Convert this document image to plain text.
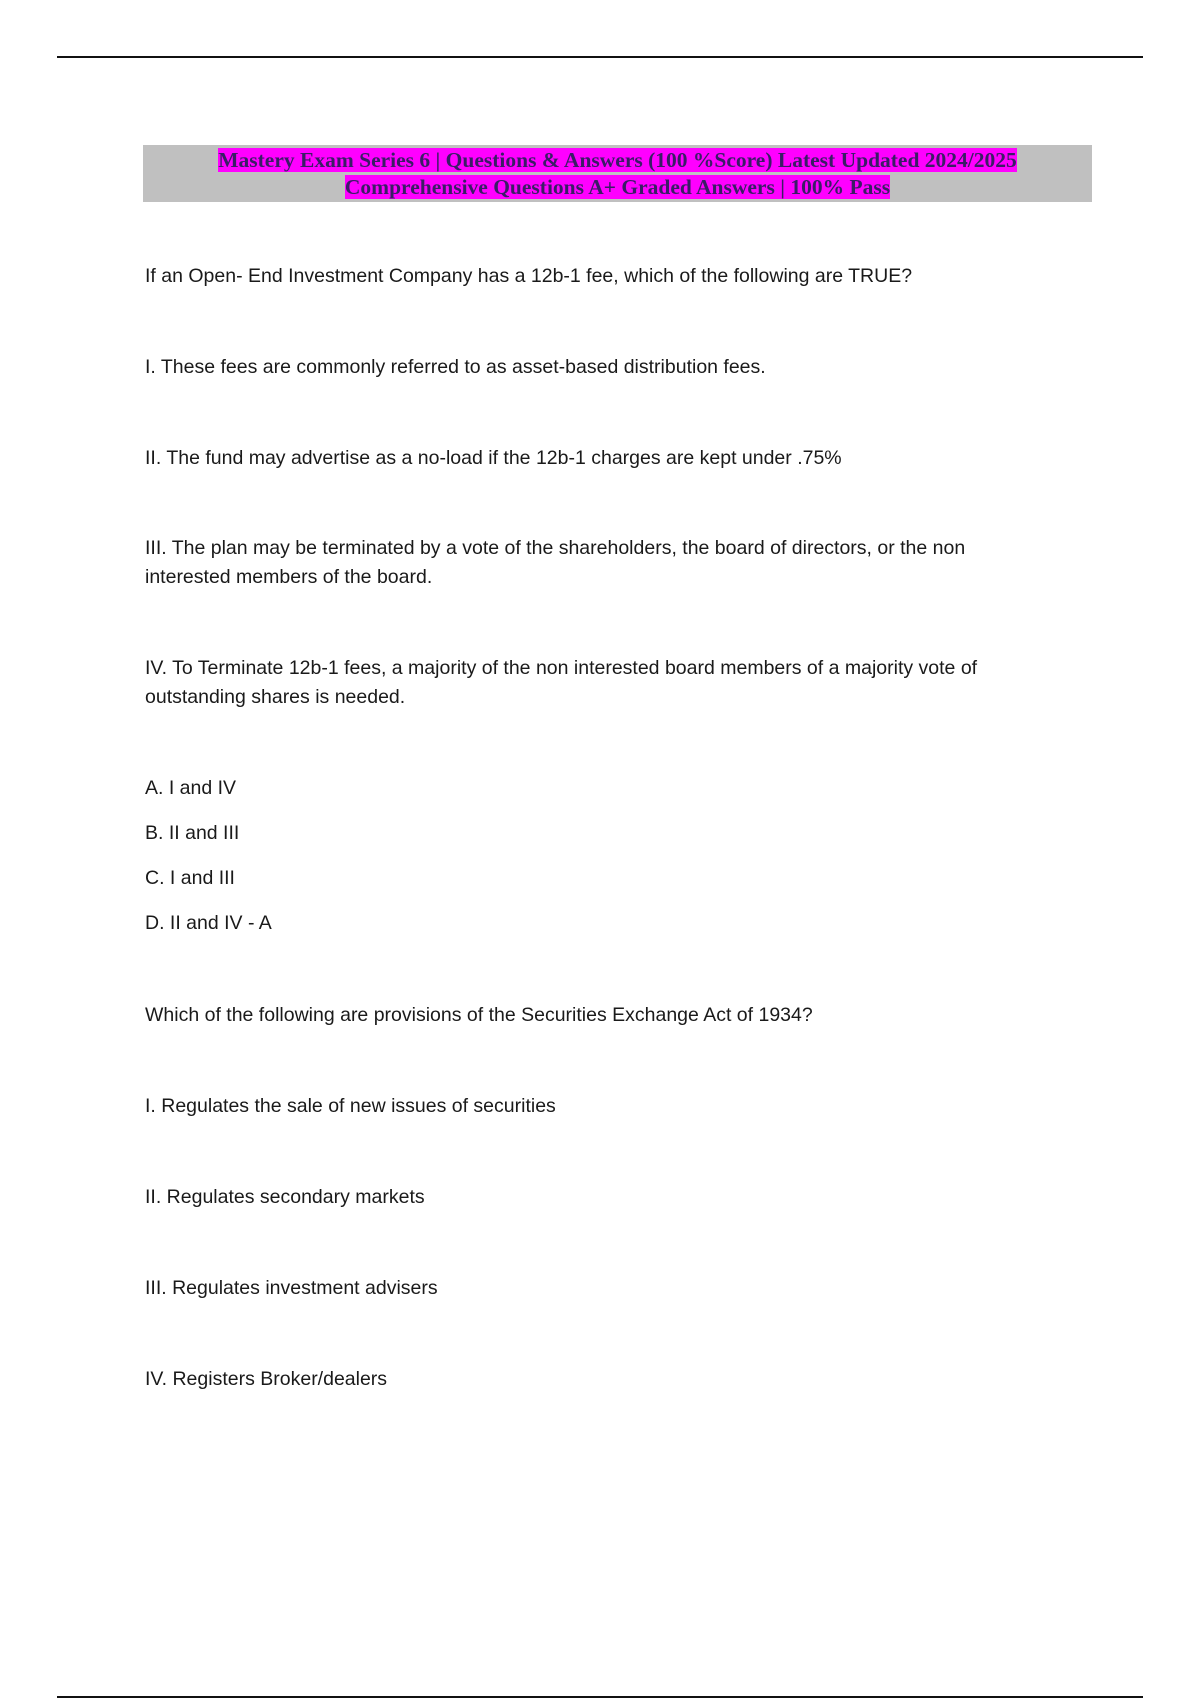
Mastery Exam Series 6 | Questions & Answers (100 %Score) Latest Updated 2024/2025
Comprehensive Questions A+ Graded Answers | 100% Pass
If an Open- End Investment Company has a 12b-1 fee, which of the following are TRUE?
I. These fees are commonly referred to as asset-based distribution fees.
II. The fund may advertise as a no-load if the 12b-1 charges are kept under .75%
III. The plan may be terminated by a vote of the shareholders, the board of directors, or the non interested members of the board.
IV. To Terminate 12b-1 fees, a majority of the non interested board members of a majority vote of outstanding shares is needed.
A. I and IV
B. II and III
C. I and III
D. II and IV - A
Which of the following are provisions of the Securities Exchange Act of 1934?
I. Regulates the sale of new issues of securities
II. Regulates secondary markets
III. Regulates investment advisers
IV. Registers Broker/dealers
